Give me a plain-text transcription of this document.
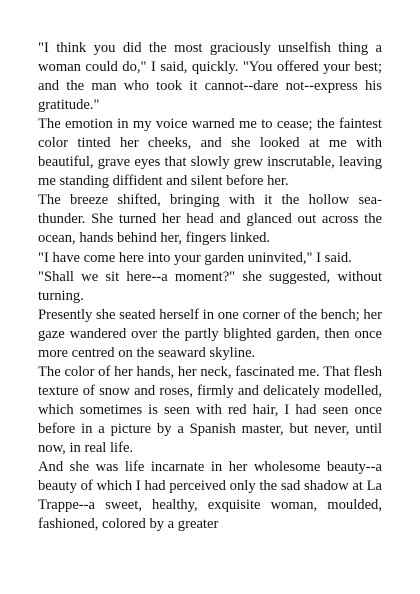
"I think you did the most graciously unselfish thing a woman could do," I said, quickly. "You offered your best; and the man who took it cannot--dare not--express his gratitude."

The emotion in my voice warned me to cease; the faintest color tinted her cheeks, and she looked at me with beautiful, grave eyes that slowly grew inscrutable, leaving me standing diffident and silent before her.

The breeze shifted, bringing with it the hollow sea-thunder. She turned her head and glanced out across the ocean, hands behind her, fingers linked.

"I have come here into your garden uninvited," I said.

"Shall we sit here--a moment?" she suggested, without turning.

Presently she seated herself in one corner of the bench; her gaze wandered over the partly blighted garden, then once more centred on the seaward skyline.

The color of her hands, her neck, fascinated me. That flesh texture of snow and roses, firmly and delicately modelled, which sometimes is seen with red hair, I had seen once before in a picture by a Spanish master, but never, until now, in real life.

And she was life incarnate in her wholesome beauty--a beauty of which I had perceived only the sad shadow at La Trappe--a sweet, healthy, exquisite woman, moulded, fashioned, colored by a greater
